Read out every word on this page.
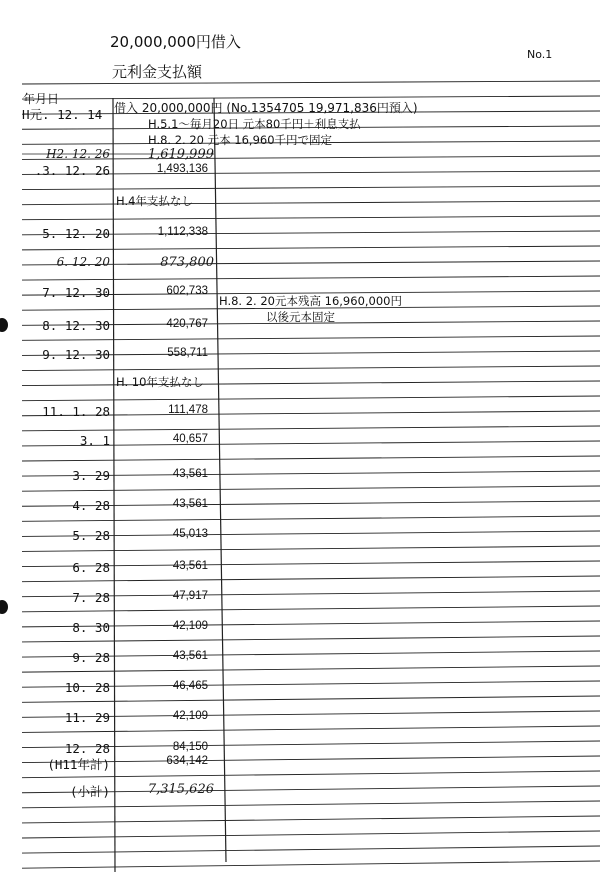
20,000,000円借入
元利金支払額
No.1
年月日
H元. 12. 14 借入 20,000,000円 (No.1354705 19,971,836円預入)
H.5.1～毎月20日 元本80千円＋利息支払
H.8. 2. 20 元本 16,960千円で固定
H2. 12. 26	1,619,999
.3. 12. 26	1,493,136
H.4年支払なし
5. 12. 20	1,112,338
6. 12. 20	873,800
7. 12. 30	602,733
8. 12. 30	420,767
9. 12. 30	558,711
H. 10年支払なし
11. 1. 28	111,478
3. 1	40,657
3. 29	43,561
4. 28	43,561
5. 28	45,013
6. 28	43,561
7. 28	47,917
8. 30	42,109
9. 28	43,561
10. 28	46,465
11. 29	42,109
12. 28	84,150
(H11年計)	634,142
(小計)	7,315,626
H.8. 2. 20元本残高 16,960,000円
以後元本固定
